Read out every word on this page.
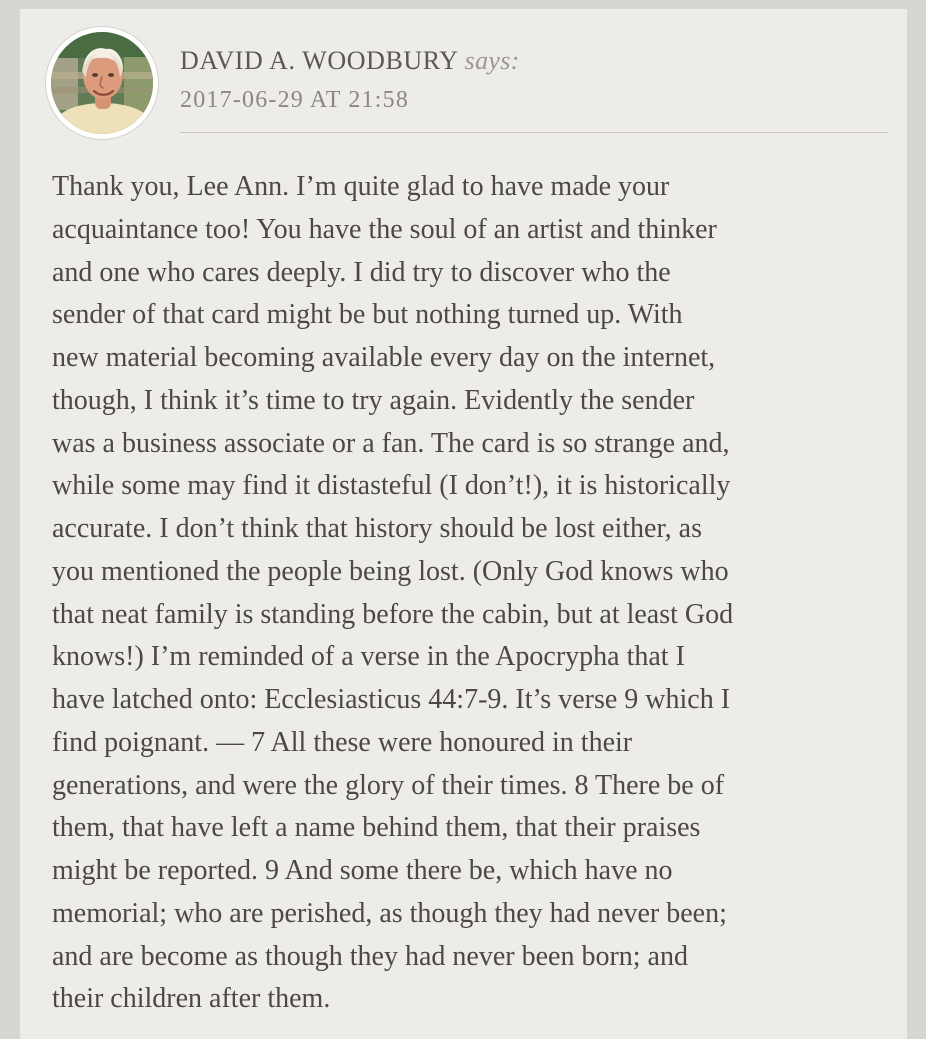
DAVID A. WOODBURY says:
2017-06-29 AT 21:58
Thank you, Lee Ann. I’m quite glad to have made your
acquaintance too! You have the soul of an artist and thinker
and one who cares deeply. I did try to discover who the
sender of that card might be but nothing turned up. With
new material becoming available every day on the internet,
though, I think it’s time to try again. Evidently the sender
was a business associate or a fan. The card is so strange and,
while some may find it distasteful (I don’t!), it is historically
accurate. I don’t think that history should be lost either, as
you mentioned the people being lost. (Only God knows who
that neat family is standing before the cabin, but at least God
knows!) I’m reminded of a verse in the Apocrypha that I
have latched onto: Ecclesiasticus 44:7-9. It’s verse 9 which I
find poignant. — 7 All these were honoured in their
generations, and were the glory of their times. 8 There be of
them, that have left a name behind them, that their praises
might be reported. 9 And some there be, which have no
memorial; who are perished, as though they had never been;
and are become as though they had never been born; and
their children after them.
